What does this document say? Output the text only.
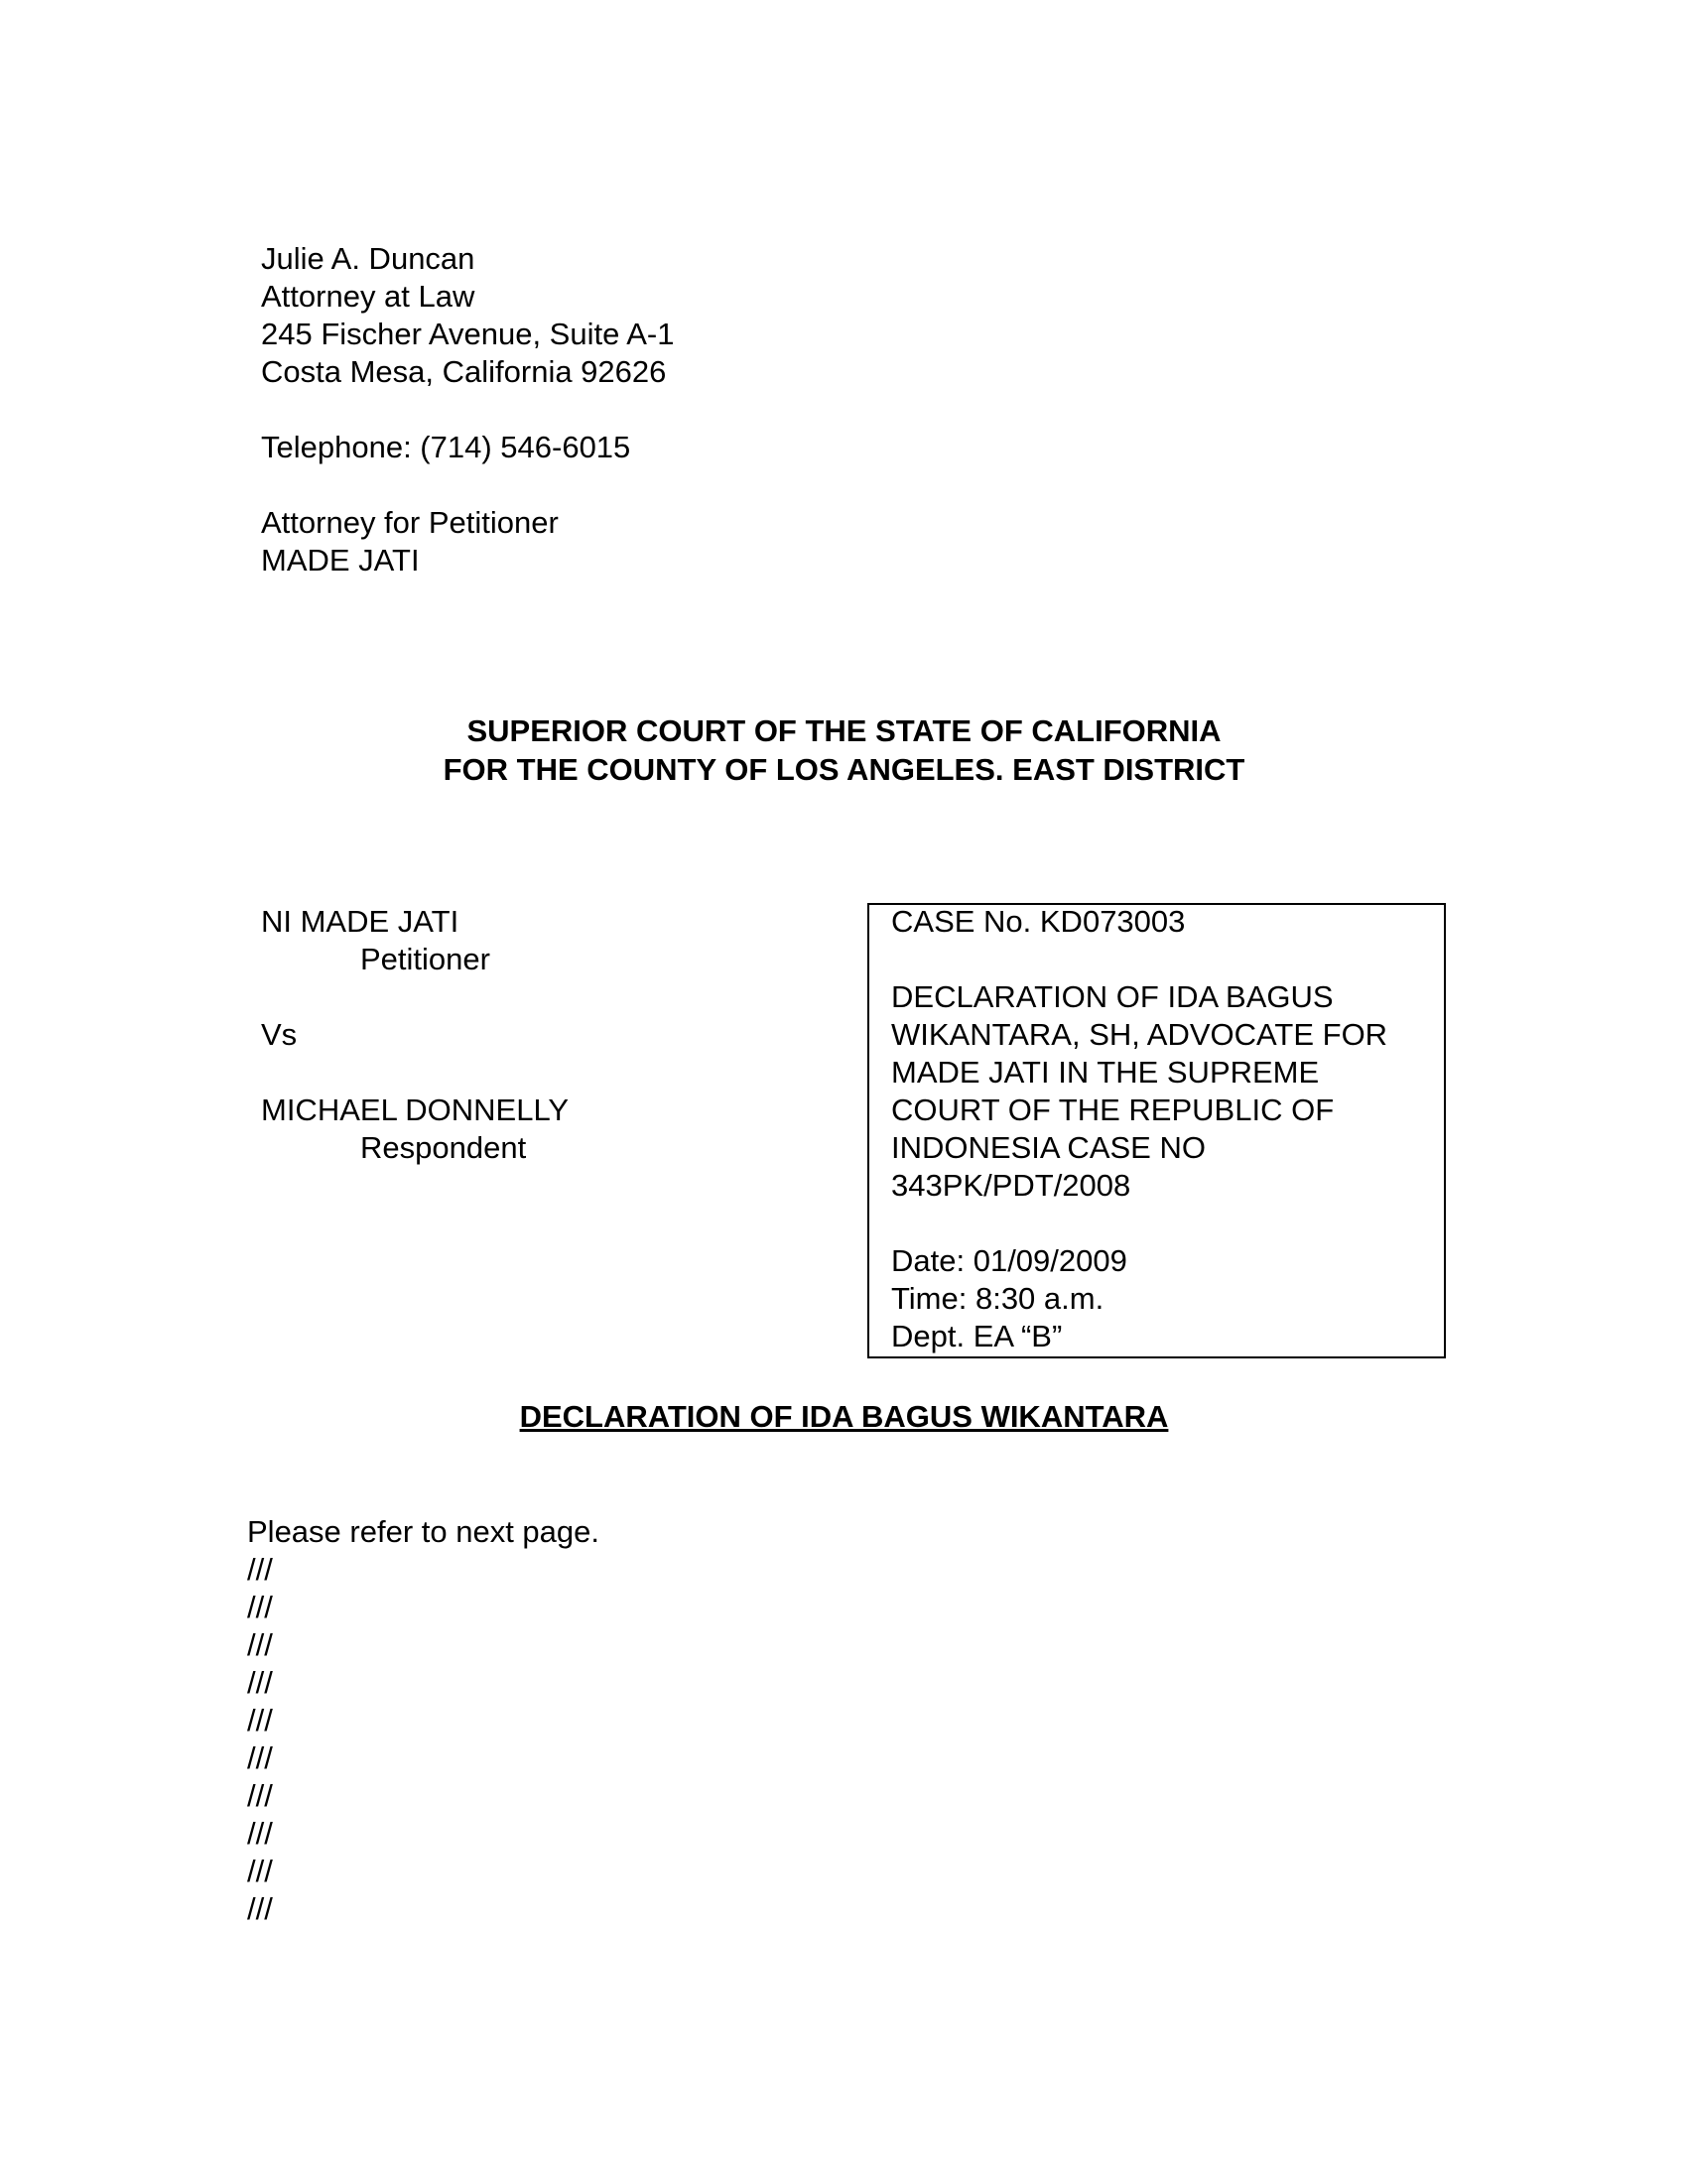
Julie A. Duncan
Attorney at Law
245 Fischer Avenue, Suite A-1
Costa Mesa, California 92626
Telephone: (714) 546-6015
Attorney for Petitioner
MADE JATI
SUPERIOR COURT OF THE STATE OF CALIFORNIA
FOR THE COUNTY OF LOS ANGELES. EAST DISTRICT
NI MADE JATI
Petitioner
Vs
MICHAEL DONNELLY
Respondent
CASE No. KD073003
DECLARATION OF IDA BAGUS
WIKANTARA, SH, ADVOCATE FOR
MADE JATI IN THE SUPREME
COURT OF THE REPUBLIC OF
INDONESIA CASE NO
343PK/PDT/2008
Date: 01/09/2009
Time: 8:30 a.m.
Dept. EA “B”
DECLARATION OF IDA BAGUS WIKANTARA
Please refer to next page.
///
///
///
///
///
///
///
///
///
///
